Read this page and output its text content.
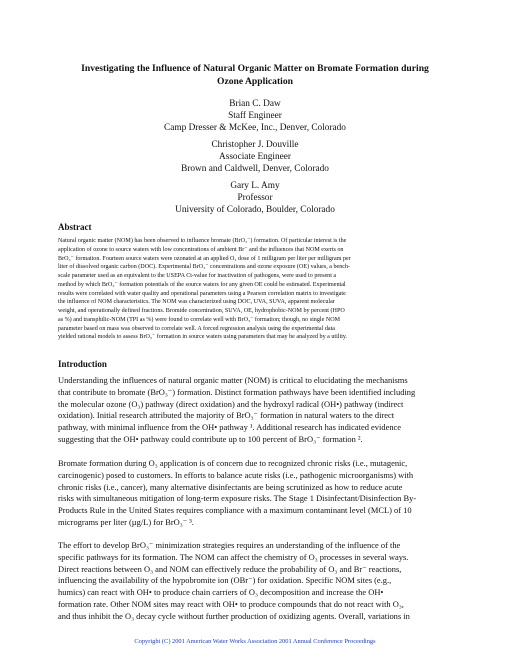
Investigating the Influence of Natural Organic Matter on Bromate Formation during
Ozone Application
Brian C. Daw
Staff Engineer
Camp Dresser & McKee, Inc., Denver, Colorado
Christopher J. Douville
Associate Engineer
Brown and Caldwell, Denver, Colorado
Gary L. Amy
Professor
University of Colorado, Boulder, Colorado
Abstract
Natural organic matter (NOM) has been observed to influence bromate (BrO₃⁻) formation. Of particular interest is the
application of ozone to source waters with low concentrations of ambient Br⁻ and the influences that NOM exerts on
BrO₃⁻ formation. Fourteen source waters were ozonated at an applied O₃ dose of 1 milligram per liter per milligram per
liter of dissolved organic carbon (DOC). Experimental BrO₃⁻ concentrations and ozone exposure (OE) values, a bench-
scale parameter used as an equivalent to the USEPA Ct-value for inactivation of pathogens, were used to present a
method by which BrO₃⁻ formation potentials of the source waters for any given OE could be estimated. Experimental
results were correlated with water quality and operational parameters using a Pearson correlation matrix to investigate
the influence of NOM characteristics. The NOM was characterized using DOC, UVA, SUVA, apparent molecular
weight, and operationally defined fractions. Bromide concentration, SUVA, OE, hydrophobic-NOM by percent (HPO
as %) and transphilic-NOM (TPI as %) were found to correlate well with BrO₃⁻ formation; though, no single NOM
parameter based on mass was observed to correlate well. A forced regression analysis using the experimental data
yielded rational models to assess BrO₃⁻ formation in source waters using parameters that may be analyzed by a utility.
Introduction
Understanding the influences of natural organic matter (NOM) is critical to elucidating the mechanisms
that contribute to bromate (BrO₃⁻) formation. Distinct formation pathways have been identified including
the molecular ozone (O₃) pathway (direct oxidation) and the hydroxyl radical (OH•) pathway (indirect
oxidation). Initial research attributed the majority of BrO₃⁻ formation in natural waters to the direct
pathway, with minimal influence from the OH• pathway ¹. Additional research has indicated evidence
suggesting that the OH• pathway could contribute up to 100 percent of BrO₃⁻ formation ².
Bromate formation during O₃ application is of concern due to recognized chronic risks (i.e., mutagenic,
carcinogenic) posed to customers. In efforts to balance acute risks (i.e., pathogenic microorganisms) with
chronic risks (i.e., cancer), many alternative disinfectants are being scrutinized as how to reduce acute
risks with simultaneous mitigation of long-term exposure risks. The Stage 1 Disinfectant/Disinfection By-
Products Rule in the United States requires compliance with a maximum contaminant level (MCL) of 10
micrograms per liter (µg/L) for BrO₃⁻ ³.
The effort to develop BrO₃⁻ minimization strategies requires an understanding of the influence of the
specific pathways for its formation. The NOM can affect the chemistry of O₃ processes in several ways.
Direct reactions between O₃ and NOM can effectively reduce the probability of O₃ and Br⁻ reactions,
influencing the availability of the hypobromite ion (OBr⁻) for oxidation. Specific NOM sites (e.g.,
humics) can react with OH• to produce chain carriers of O₃ decomposition and increase the OH•
formation rate. Other NOM sites may react with OH• to produce compounds that do not react with O₃,
and thus inhibit the O₃ decay cycle without further production of oxidizing agents. Overall, variations in
Copyright (C) 2001 American Water Works Association 2001 Annual Conference Proceedings
